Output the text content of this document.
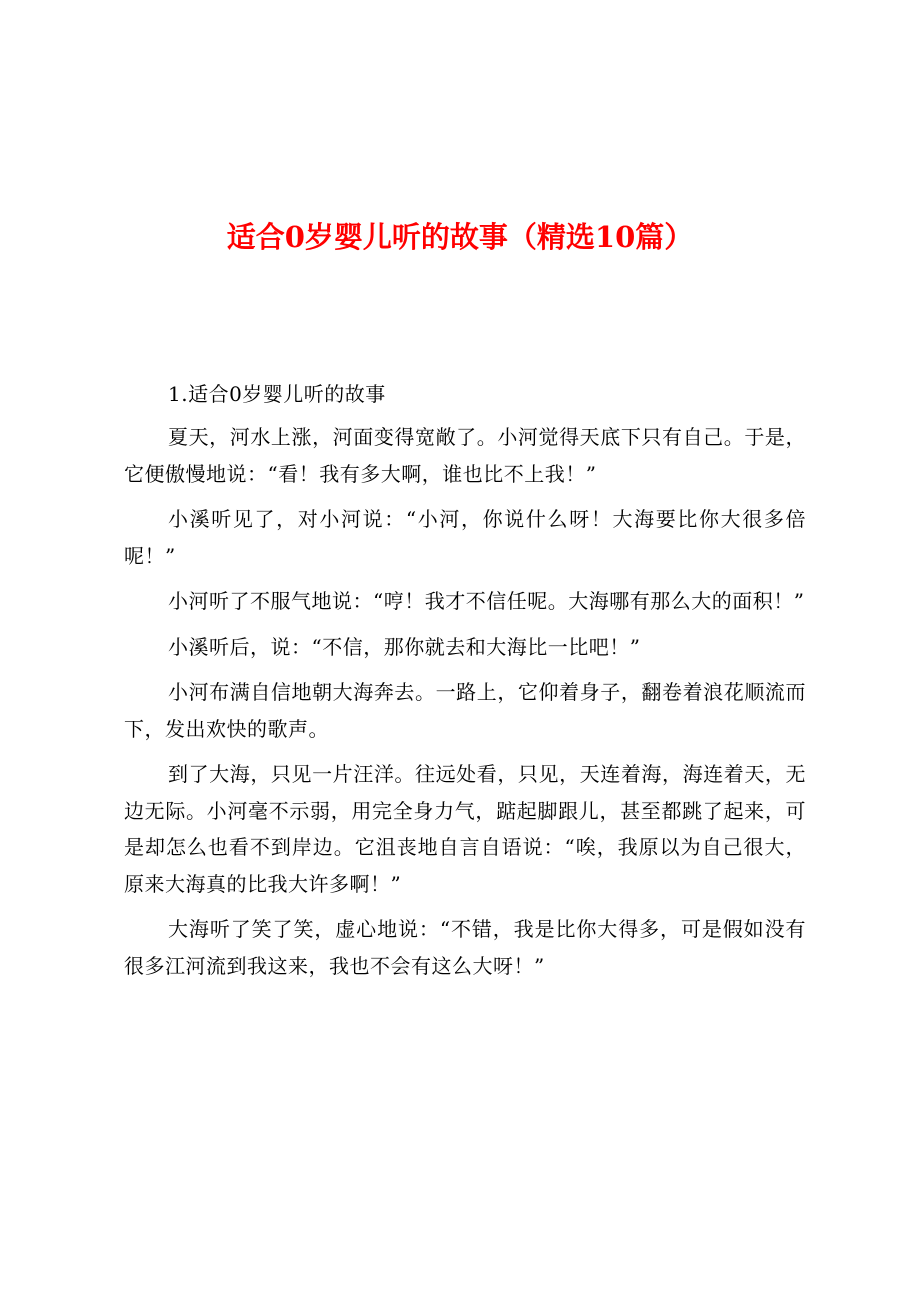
适合0岁婴儿听的故事（精选10篇）
1.适合0岁婴儿听的故事

夏天，河水上涨，河面变得宽敞了。小河觉得天底下只有自己。于是，它便傲慢地说：“看！我有多大啊，谁也比不上我！”

小溪听见了，对小河说：“小河，你说什么呀！大海要比你大很多倍呢！”

小河听了不服气地说：“哼！我才不信任呢。大海哪有那么大的面积！”

小溪听后，说：“不信，那你就去和大海比一比吧！”

小河布满自信地朝大海奔去。一路上，它仰着身子，翻卷着浪花顺流而下，发出欢快的歌声。

到了大海，只见一片汪洋。往远处看，只见，天连着海，海连着天，无边无际。小河毫不示弱，用完全身力气，踮起脚跟儿，甚至都跳了起来，可是却怎么也看不到岸边。它沮丧地自言自语说：“唉，我原以为自己很大，原来大海真的比我大许多啊！”

大海听了笑了笑，虚心地说：“不错，我是比你大得多，可是假如没有很多江河流到我这来，我也不会有这么大呀！”
